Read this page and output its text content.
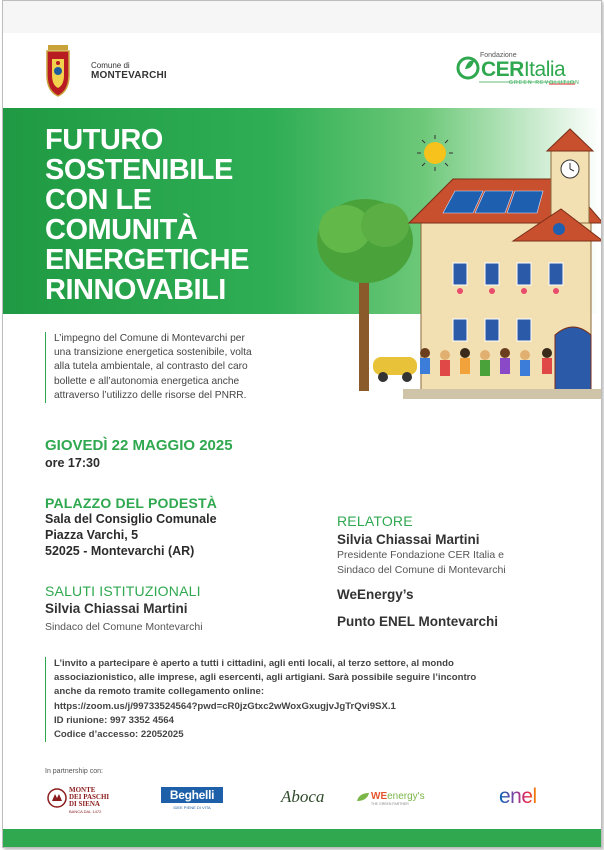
Comune di
MONTEVARCHI
Fondazione
CERItalia
GREEN REVOLUTION
FUTURO
SOSTENIBILE
CON LE
COMUNITÀ
ENERGETICHE
RINNOVABILI
L’impegno del Comune di Montevarchi per
una transizione energetica sostenibile, volta
alla tutela ambientale, al contrasto del caro
bollette e all’autonomia energetica anche
attraverso l’utilizzo delle risorse del PNRR.
GIOVEDÌ 22 MAGGIO 2025
ore 17:30
PALAZZO DEL PODESTÀ
Sala del Consiglio Comunale
Piazza Varchi, 5
52025 - Montevarchi (AR)
SALUTI ISTITUZIONALI
Silvia Chiassai Martini
Sindaco del Comune Montevarchi
RELATORE
Silvia Chiassai Martini
Presidente Fondazione CER Italia e
Sindaco del Comune di Montevarchi
WeEnergy’s
Punto ENEL Montevarchi
L’invito a partecipare è aperto a tutti i cittadini, agli enti locali, al terzo settore, al mondo
associazionistico, alle imprese, agli esercenti, agli artigiani. Sarà possibile seguire l’incontro
anche da remoto tramite collegamento online:
https://zoom.us/j/99733524564?pwd=cR0jzGtxc2wWoxGxugjvJgTrQvi9SX.1
ID riunione: 997 3352 4564
Codice d’accesso: 22052025
In partnership con:
MONTE
DEI PASCHI
DI SIENA
BANCA DAL 1472
Beghelli
IDEE PIENE DI VITA
Aboca	WEenergy's
THE GREEN PARTNER	enel
